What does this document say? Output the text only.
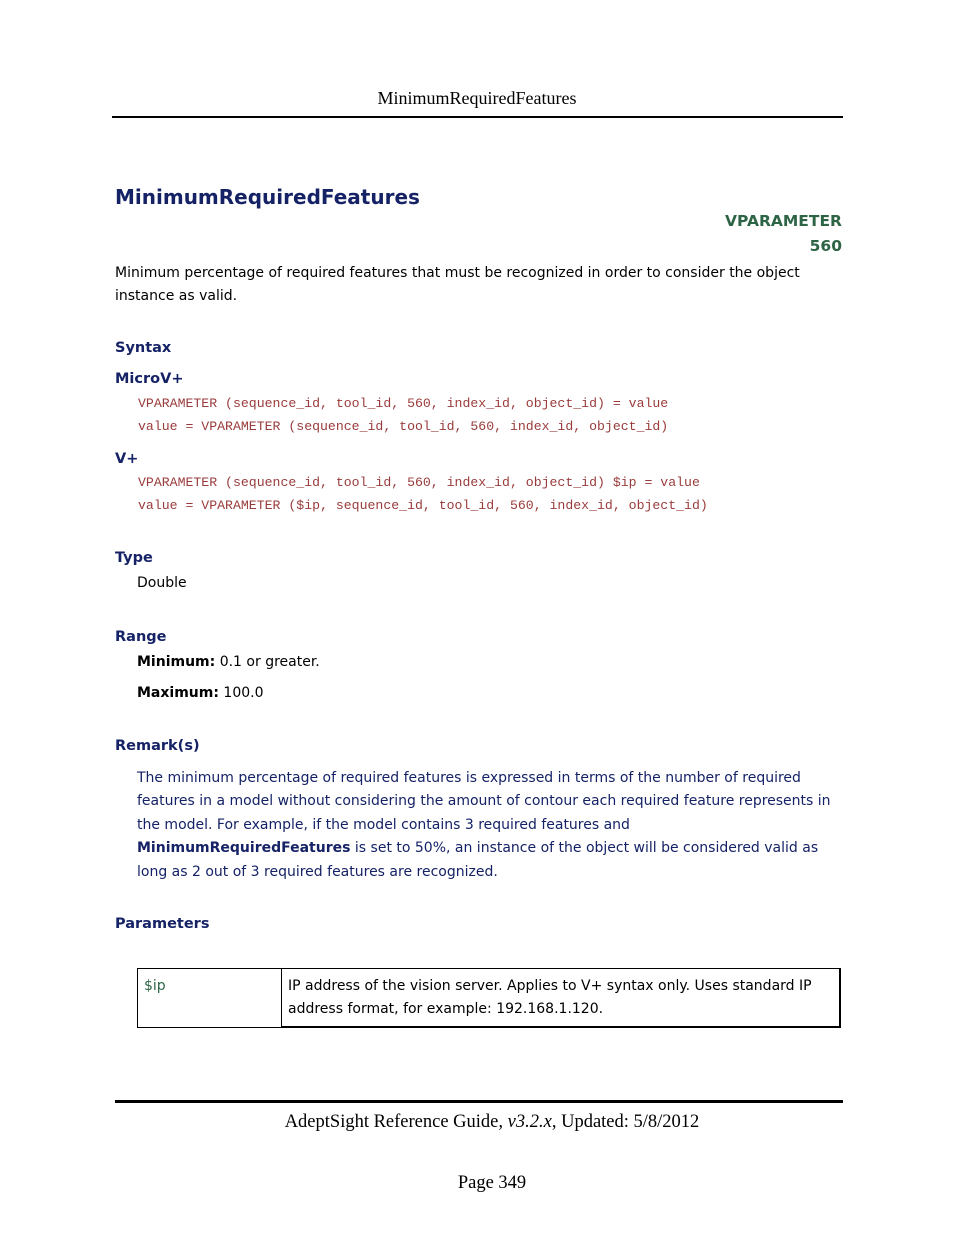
MinimumRequiredFeatures
MinimumRequiredFeatures
VPARAMETER
560
Minimum percentage of required features that must be recognized in order to consider the object instance as valid.
Syntax
MicroV+
VPARAMETER (sequence_id, tool_id, 560, index_id, object_id) = value
value = VPARAMETER (sequence_id, tool_id, 560, index_id, object_id)
V+
VPARAMETER (sequence_id, tool_id, 560, index_id, object_id) $ip = value
value = VPARAMETER ($ip, sequence_id, tool_id, 560, index_id, object_id)
Type
Double
Range
Minimum: 0.1 or greater.
Maximum: 100.0
Remark(s)
The minimum percentage of required features is expressed in terms of the number of required features in a model without considering the amount of contour each required feature represents in the model. For example, if the model contains 3 required features and MinimumRequiredFeatures is set to 50%, an instance of the object will be considered valid as long as 2 out of 3 required features are recognized.
Parameters
$ip	IP address of the vision server. Applies to V+ syntax only. Uses standard IP address format, for example: 192.168.1.120.
AdeptSight Reference Guide, v3.2.x, Updated: 5/8/2012
Page 349
